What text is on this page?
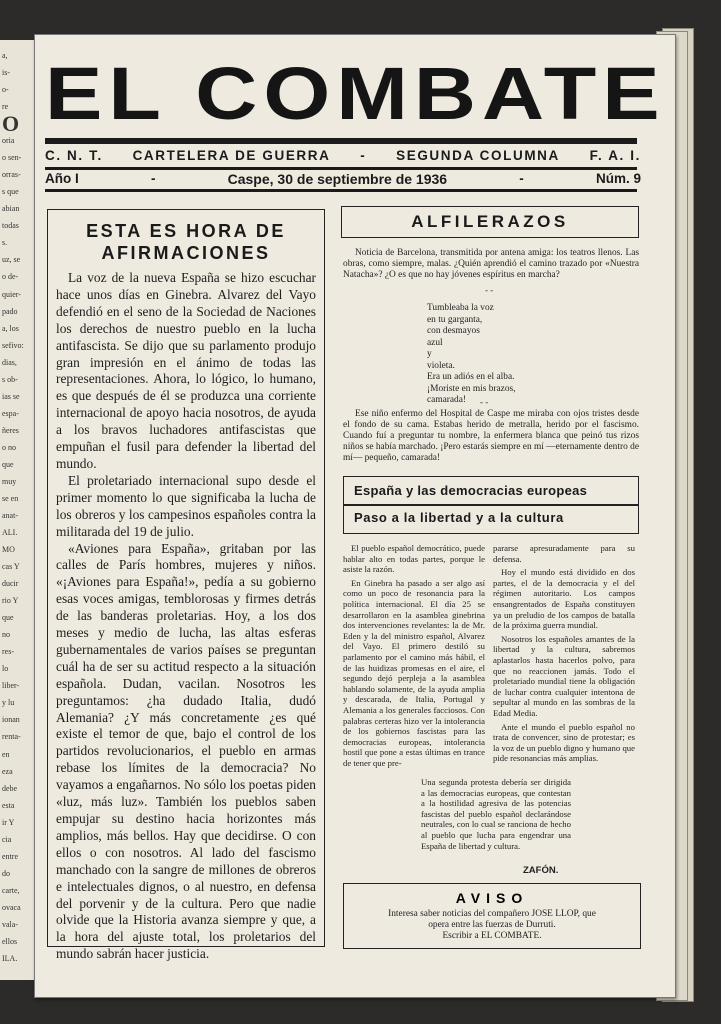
a,
is-
o-
re
O
oria
o sen-
orras-
s que
abian
todas
s.
uz, se
o de-
quier-
pado
a, los
sefivo:
dias,
s ob-
ias se
espa-
ñeres
o no
que
muy
se en
anat-
ALI.
MO
cas Y
ducir
rio Y
que
no
res-
lo
liber-
y lu
ionan
renta-
en
eza
debe
esta
ir Y
cia
entre
do
carte,
ovaca
vala-
ellos
ILA.
EL COMBATE
C. N. T. CARTELERA DE GUERRA - SEGUNDA COLUMNA F. A. I.
Año I	-	Caspe, 30 de septiembre de 1936	-	Núm. 9
ESTA ES HORA DE AFIRMACIONES

La voz de la nueva España se hizo escuchar hace unos días en Ginebra. Alvarez del Vayo defendió en el seno de la Sociedad de Naciones los derechos de nuestro pueblo en la lucha antifascista. Se dijo que su parlamento produjo gran impresión en el ánimo de todas las representaciones. Ahora, lo lógico, lo humano, es que después de él se produzca una corriente internacional de apoyo hacia nosotros, de ayuda a los bravos luchadores antifascistas que empuñan el fusil para defender la libertad del mundo.

El proletariado internacional supo desde el primer momento lo que significaba la lucha de los obreros y los campesinos españoles contra la militarada del 19 de julio.

«Aviones para España», gritaban por las calles de París hombres, mujeres y niños. «¡Aviones para España!», pedía a su gobierno esas voces amigas, temblorosas y firmes detrás de las banderas proletarias. Hoy, a los dos meses y medio de lucha, las altas esferas gubernamentales de varios países se preguntan cuál ha de ser su actitud respecto a la situación española. Dudan, vacilan. Nosotros les preguntamos: ¿ha dudado Italia, dudó Alemania? ¿Y más concretamente ¿es qué existe el temor de que, bajo el control de los partidos revolucionarios, el pueblo en armas rebase los límites de la democracia? No vayamos a engañarnos. No sólo los poetas piden «luz, más luz». También los pueblos saben empujar su destino hacia horizontes más amplios, más bellos. Hay que decidirse. O con ellos o con nosotros. Al lado del fascismo manchado con la sangre de millones de obreros e intelectuales dignos, o al nuestro, en defensa del porvenir y de la cultura. Pero que nadie olvide que la Historia avanza siempre y que, a la hora del ajuste total, los proletarios del mundo sabrán hacer justicia.

ALFILERAZOS

Noticia de Barcelona, transmitida por antena amiga: los teatros llenos. Las obras, como siempre, malas. ¿Quién aprendió el camino trazado por «Nuestra Natacha»? ¿O es que no hay jóvenes espíritus en marcha?

- -
Tumbleaba la voz
en tu garganta,
con desmayos
azul
y
violeta.
Era un adiós en el alba.
¡Moriste en mis brazos,
camarada!	- -

Ese niño enfermo del Hospital de Caspe me miraba con ojos tristes desde el fondo de su cama. Estabas herido de metralla, herido por el fascismo. Cuando fuí a preguntar tu nombre, la enfermera blanca que peinó tus rizos niños se había marchado. ¡Pero estarás siempre en mí —eternamente dentro de mí— pequeño, camarada!

España y las democracias europeas
Paso a la libertad y a la cultura

El pueblo español democrático, puede hablar alto en todas partes, porque le asiste la razón.

En Ginebra ha pasado a ser algo así como un poco de resonancia para la política internacional. El día 25 se desarrollaron en la asamblea ginebrina dos intervenciones revelantes: la de Mr. Eden y la del ministro español, Alvarez del Vayo. El primero destiló su parlamento por el camino más hábil, el de las huidizas promesas en el aire, el segundo dejó perpleja a la asamblea hablando solamente, de la ayuda amplia y descarada, de Italia, Portugal y Alemania a los generales facciosos. Con palabras certeras hizo ver la intolerancia de los gobiernos fascistas para las democracias europeas, intolerancia hostil que pone a estas últimas en trance de tener que pre-

pararse apresuradamente para su defensa.

Hoy el mundo está dividido en dos partes, el de la democracia y el del régimen autoritario. Los campos ensangrentados de España constituyen ya un preludio de los campos de batalla de la próxima guerra mundial.

Nosotros los españoles amantes de la libertad y la cultura, sabremos aplastarlos hasta hacerlos polvo, para que no reaccionen jamás. Todo el proletariado mundial tiene la obligación de luchar contra cualquier intentona de sepultar al mundo en las sombras de la Edad Media.

Ante el mundo el pueblo español no trata de convencer, sino de protestar; es la voz de un pueblo digno y humano que pide resonancias más amplias.

Una segunda protesta debería ser dirigida a las democracias europeas, que contestan a la hostilidad agresiva de las potencias fascistas del pueblo español declarándose neutrales, con lo cual se ranciona de hecho al pueblo que lucha para engendrar una España de libertad y cultura.
ZAFÓN.
AVISO
Interesa saber noticias del compañero JOSE LLOP, que
opera entre las fuerzas de Durruti.
Escribir a EL COMBATE.
